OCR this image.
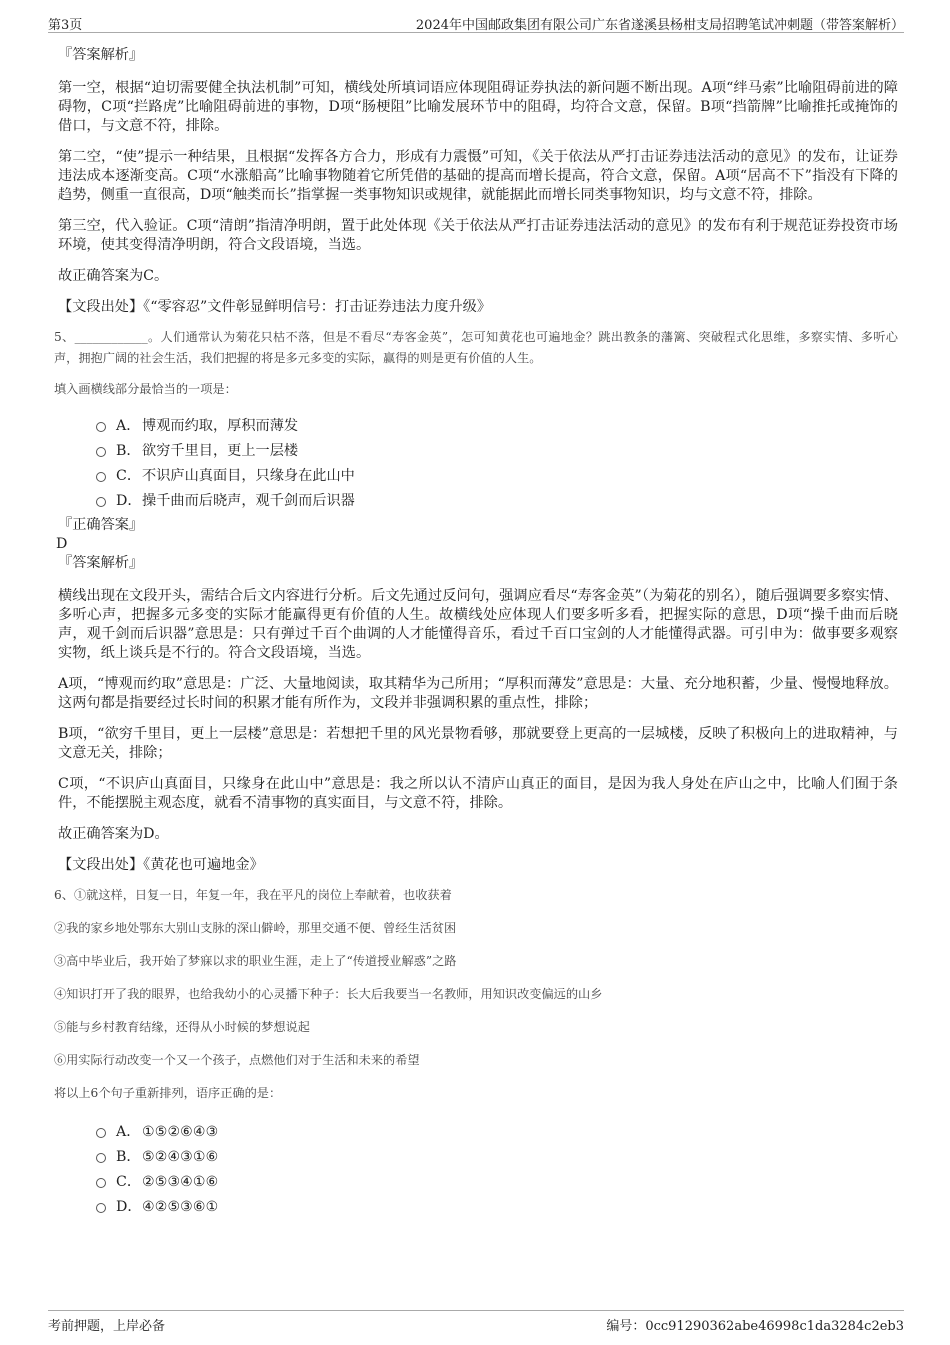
第3页	2024年中国邮政集团有限公司广东省遂溪县杨柑支局招聘笔试冲刺题（带答案解析）

『答案解析』

第一空，根据“迫切需要健全执法机制”可知，横线处所填词语应体现阻碍证券执法的新问题不断出现。A项“绊马索”比喻阻碍前进的障碍物，C项“拦路虎”比喻阻碍前进的事物，D项“肠梗阻”比喻发展环节中的阻碍，均符合文意，保留。B项“挡箭牌”比喻推托或掩饰的借口，与文意不符，排除。

第二空，“使”提示一种结果，且根据“发挥各方合力，形成有力震慑”可知，《关于依法从严打击证券违法活动的意见》的发布，让证券违法成本逐渐变高。C项“水涨船高”比喻事物随着它所凭借的基础的提高而增长提高，符合文意，保留。A项“居高不下”指没有下降的趋势，侧重一直很高，D项“触类而长”指掌握一类事物知识或规律，就能据此而增长同类事物知识，均与文意不符，排除。

第三空，代入验证。C项“清朗”指清净明朗，置于此处体现《关于依法从严打击证券违法活动的意见》的发布有利于规范证券投资市场环境，使其变得清净明朗，符合文段语境，当选。

故正确答案为C。

【文段出处】《“零容忍”文件彰显鲜明信号：打击证券违法力度升级》

5、____________。人们通常认为菊花只枯不落，但是不看尽“寿客金英”，怎可知黄花也可遍地金？跳出教条的藩篱、突破程式化思维，多察实情、多听心声，拥抱广阔的社会生活，我们把握的将是多元多变的实际，赢得的则是更有价值的人生。

填入画横线部分最恰当的一项是：

A． 博观而约取，厚积而薄发

B．欲穷千里目，更上一层楼

C．不识庐山真面目，只缘身在此山中

D．操千曲而后晓声，观千剑而后识器

『正确答案』

D

『答案解析』

横线出现在文段开头，需结合后文内容进行分析。后文先通过反问句，强调应看尽“寿客金英”（为菊花的别名），随后强调要多察实情、多听心声，把握多元多变的实际才能赢得更有价值的人生。故横线处应体现人们要多听多看，把握实际的意思，D项“操千曲而后晓声，观千剑而后识器”意思是：只有弹过千百个曲调的人才能懂得音乐，看过千百口宝剑的人才能懂得武器。可引申为：做事要多观察实物，纸上谈兵是不行的。符合文段语境，当选。

A项，“博观而约取”意思是：广泛、大量地阅读，取其精华为己所用；“厚积而薄发”意思是：大量、充分地积蓄，少量、慢慢地释放。这两句都是指要经过长时间的积累才能有所作为，文段并非强调积累的重点性，排除；

B项，“欲穷千里目，更上一层楼”意思是：若想把千里的风光景物看够，那就要登上更高的一层城楼，反映了积极向上的进取精神，与文意无关，排除；

C项，“不识庐山真面目，只缘身在此山中”意思是：我之所以认不清庐山真正的面目，是因为我人身处在庐山之中，比喻人们囿于条件，不能摆脱主观态度，就看不清事物的真实面目，与文意不符，排除。

故正确答案为D。

【文段出处】《黄花也可遍地金》

6、①就这样，日复一日，年复一年，我在平凡的岗位上奉献着，也收获着

②我的家乡地处鄂东大别山支脉的深山僻岭，那里交通不便、曾经生活贫困

③高中毕业后，我开始了梦寐以求的职业生涯，走上了“传道授业解惑”之路

④知识打开了我的眼界，也给我幼小的心灵播下种子：长大后我要当一名教师，用知识改变偏远的山乡

⑤能与乡村教育结缘，还得从小时候的梦想说起

⑥用实际行动改变一个又一个孩子，点燃他们对于生活和未来的希望

将以上6个句子重新排列，语序正确的是：

A． ①⑤②⑥④③

B．⑤②④③①⑥

C．②⑤③④①⑥

D．④②⑤③⑥①

考前押题，上岸必备	编号：0cc91290362abe46998c1da3284c2eb3
